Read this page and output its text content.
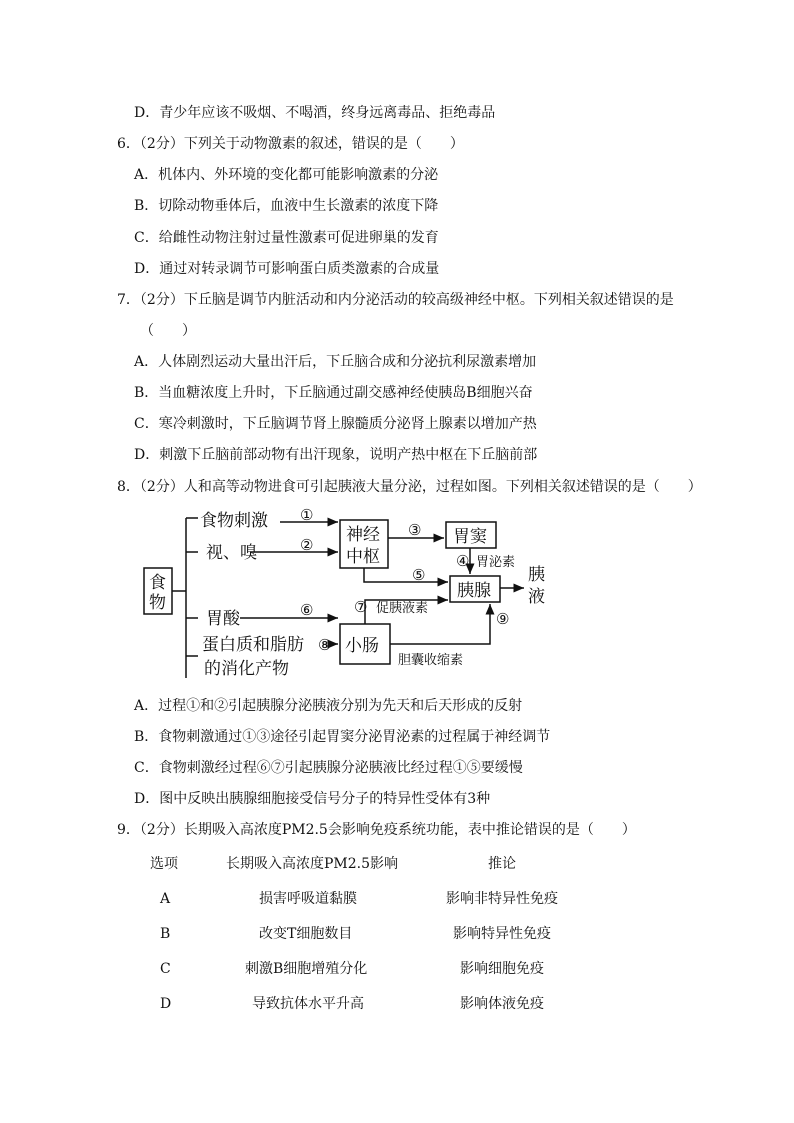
D．青少年应该不吸烟、不喝酒，终身远离毒品、拒绝毒品
6．（2分）下列关于动物激素的叙述，错误的是（　　）
A．机体内、外环境的变化都可能影响激素的分泌
B．切除动物垂体后，血液中生长激素的浓度下降
C．给雌性动物注射过量性激素可促进卵巢的发育
D．通过对转录调节可影响蛋白质类激素的合成量
7．（2分）下丘脑是调节内脏活动和内分泌活动的较高级神经中枢。下列相关叙述错误的是
（　　）
A．人体剧烈运动大量出汗后，下丘脑合成和分泌抗利尿激素增加
B．当血糖浓度上升时，下丘脑通过副交感神经使胰岛B细胞兴奋
C．寒冷刺激时，下丘脑调节肾上腺髓质分泌肾上腺素以增加产热
D．刺激下丘脑前部动物有出汗现象，说明产热中枢在下丘脑前部
8．（2分）人和高等动物进食可引起胰液大量分泌，过程如图。下列相关叙述错误的是（　　）
食
物
食物刺激
视、嗅
胃酸
蛋白质和脂肪
的消化产物
神经
中枢
胃窦
胰腺
小肠
胰
液
胃泌素
促胰液素
胆囊收缩素
①
②
③
④
⑤
⑥	⑦
⑧
⑨
A．过程①和②引起胰腺分泌胰液分别为先天和后天形成的反射
B．食物刺激通过①③途径引起胃窦分泌胃泌素的过程属于神经调节
C．食物刺激经过程⑥⑦引起胰腺分泌胰液比经过程①⑤要缓慢
D．图中反映出胰腺细胞接受信号分子的特异性受体有3种
9．（2分）长期吸入高浓度PM2.5会影响免疫系统功能，表中推论错误的是（　　）
选项	长期吸入高浓度PM2.5影响	推论
A	损害呼吸道黏膜	影响非特异性免疫
B	改变T细胞数目	影响特异性免疫
C	刺激B细胞增殖分化	影响细胞免疫
D	导致抗体水平升高	影响体液免疫
